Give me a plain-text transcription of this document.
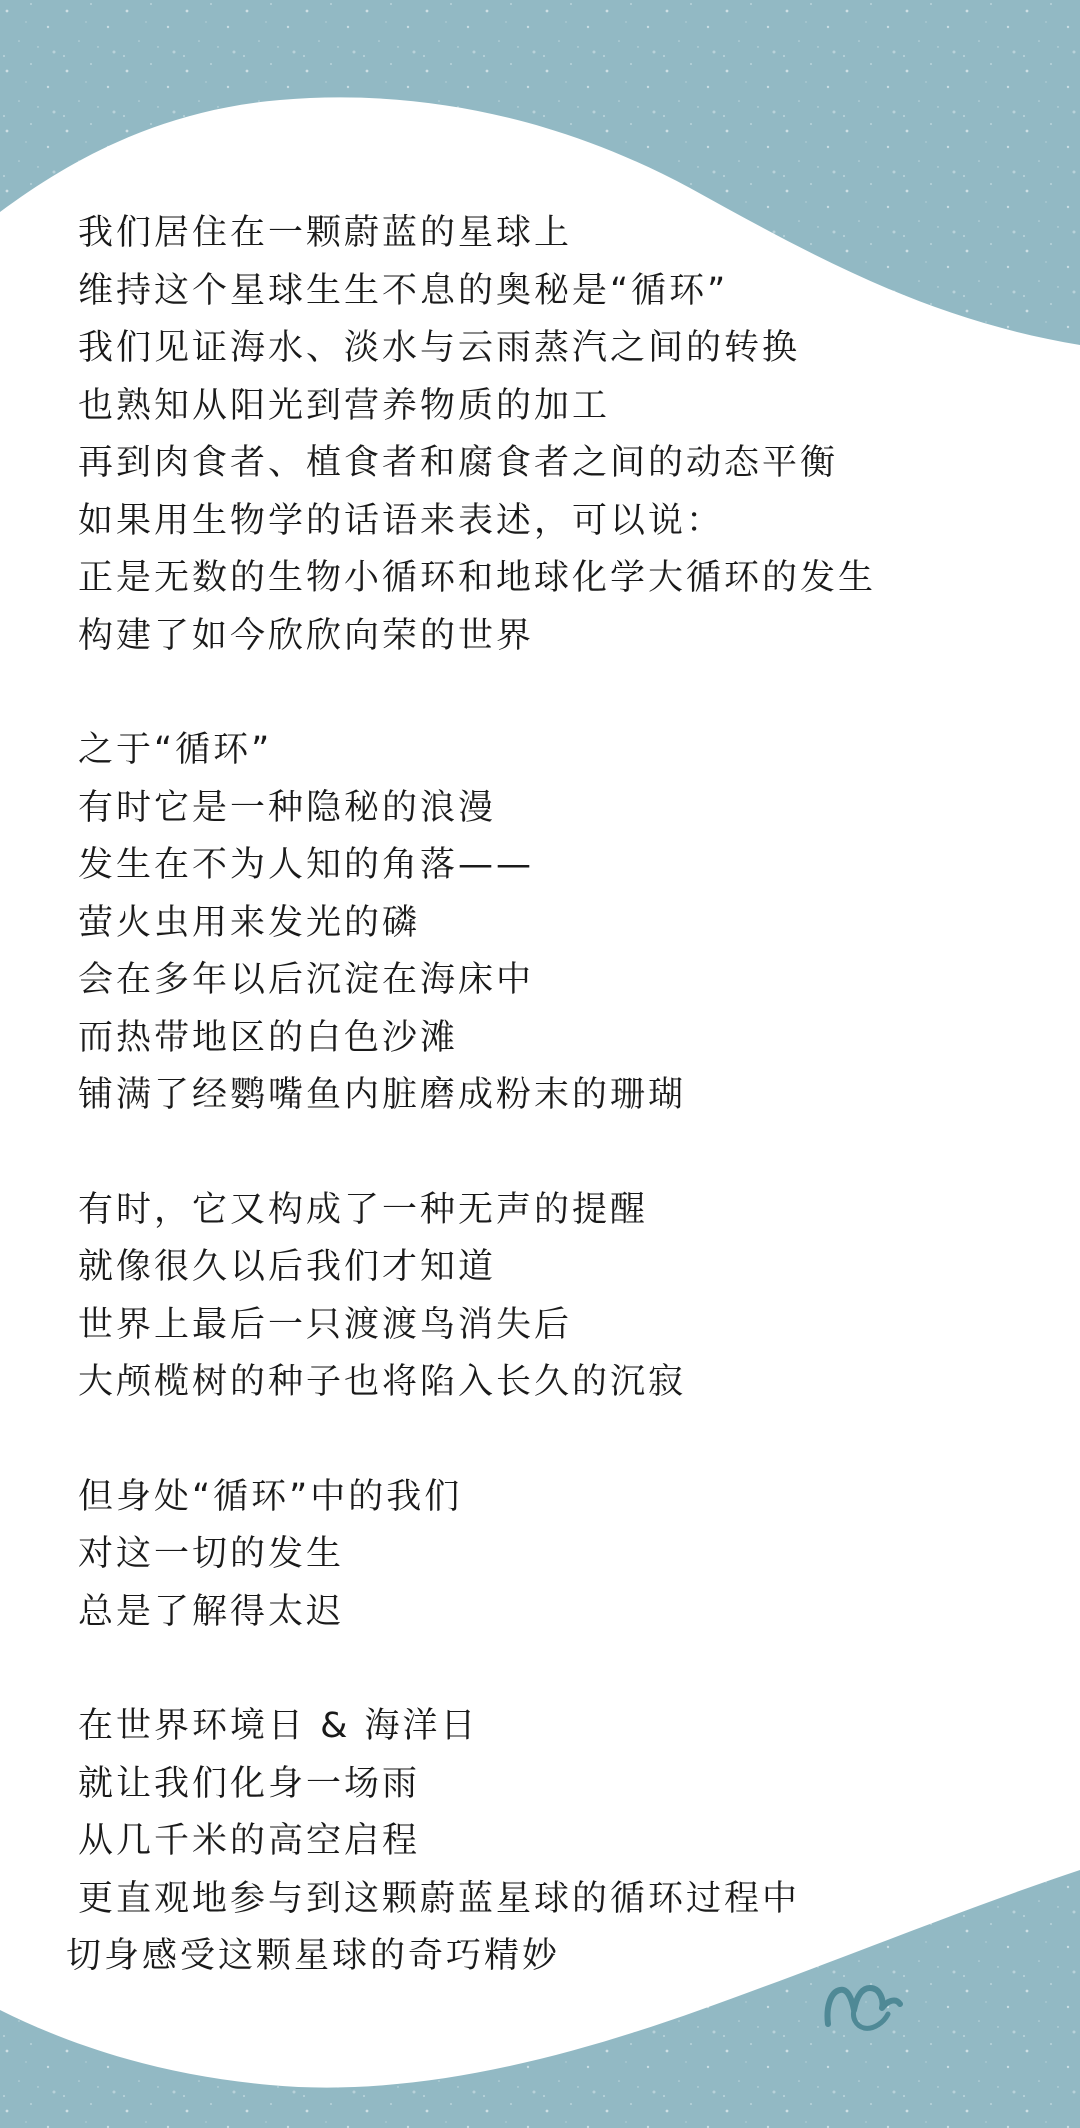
我们居住在一颗蔚蓝的星球上
维持这个星球生生不息的奥秘是“循环”
我们见证海水、淡水与云雨蒸汽之间的转换
也熟知从阳光到营养物质的加工
再到肉食者、植食者和腐食者之间的动态平衡
如果用生物学的话语来表述，可以说：
正是无数的生物小循环和地球化学大循环的发生
构建了如今欣欣向荣的世界
之于“循环”
有时它是一种隐秘的浪漫
发生在不为人知的角落——
萤火虫用来发光的磷
会在多年以后沉淀在海床中
而热带地区的白色沙滩
铺满了经鹦嘴鱼内脏磨成粉末的珊瑚
有时，它又构成了一种无声的提醒
就像很久以后我们才知道
世界上最后一只渡渡鸟消失后
大颅榄树的种子也将陷入长久的沉寂
但身处“循环”中的我们
对这一切的发生
总是了解得太迟
在世界环境日 & 海洋日
就让我们化身一场雨
从几千米的高空启程
更直观地参与到这颗蔚蓝星球的循环过程中
切身感受这颗星球的奇巧精妙
